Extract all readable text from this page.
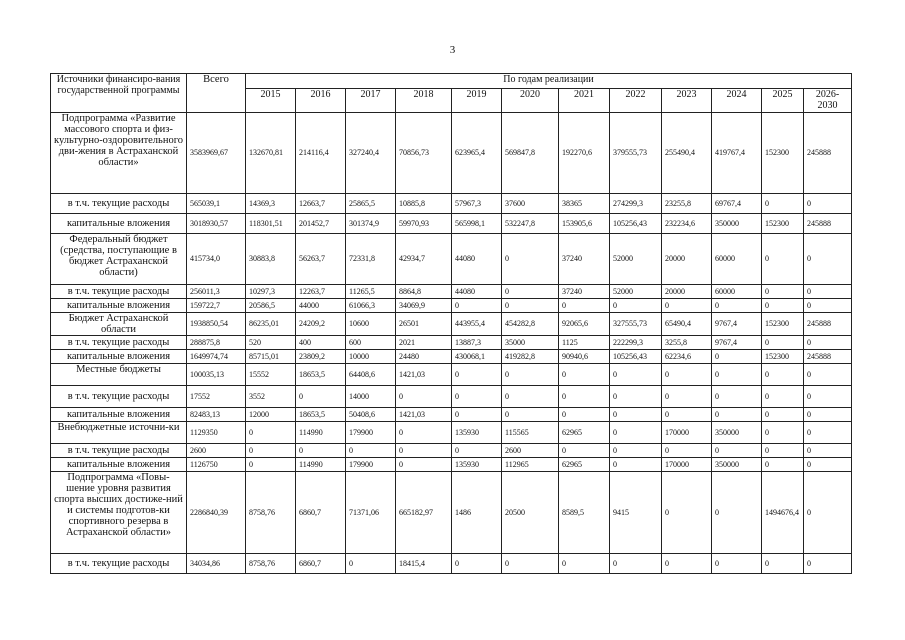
3
Источники финансиро-вания государственной программы	Всего	По годам реализации											
		2015	2016	2017	2018	2019	2020	2021	2022	2023	2024	2025	2026-2030
Подпрограмма «Развитие массового спорта и физ-культурно-оздоровительного дви-жения в Астраханской области»	3583969,67	132670,81	214116,4	327240,4	70856,73	623965,4	569847,8	192270,6	379555,73	255490,4	419767,4	152300	245888
в т.ч. текущие расходы	565039,1	14369,3	12663,7	25865,5	10885,8	57967,3	37600	38365	274299,3	23255,8	69767,4	0	0
капитальные вложения	3018930,57	118301,51	201452,7	301374,9	59970,93	565998,1	532247,8	153905,6	105256,43	232234,6	350000	152300	245888
Федеральный бюджет (средства, поступающие в бюджет Астраханской области)	415734,0	30883,8	56263,7	72331,8	42934,7	44080	0	37240	52000	20000	60000	0	0
в т.ч. текущие расходы	256011,3	10297,3	12263,7	11265,5	8864,8	44080	0	37240	52000	20000	60000	0	0
капитальные вложения	159722,7	20586,5	44000	61066,3	34069,9	0	0	0	0	0	0	0	0
Бюджет Астраханской области	1938850,54	86235,01	24209,2	10600	26501	443955,4	454282,8	92065,6	327555,73	65490,4	9767,4	152300	245888
в т.ч. текущие расходы	288875,8	520	400	600	2021	13887,3	35000	1125	222299,3	3255,8	9767,4	0	0
капитальные вложения	1649974,74	85715,01	23809,2	10000	24480	430068,1	419282,8	90940,6	105256,43	62234,6	0	152300	245888
Местные бюджеты	100035,13	15552	18653,5	64408,6	1421,03	0	0	0	0	0	0	0	0
в т.ч. текущие расходы	17552	3552	0	14000	0	0	0	0	0	0	0	0	0
капитальные вложения	82483,13	12000	18653,5	50408,6	1421,03	0	0	0	0	0	0	0	0
Внебюджетные источни-ки	1129350	0	114990	179900	0	135930	115565	62965	0	170000	350000	0	0
в т.ч. текущие расходы	2600	0	0	0	0	0	2600	0	0	0	0	0	0
капитальные вложения	1126750	0	114990	179900	0	135930	112965	62965	0	170000	350000	0	0
Подпрограмма «Повы-шение уровня развития спорта высших достиже-ний и системы подготов-ки спортивного резерва в Астраханской области»	2286840,39	8758,76	6860,7	71371,06	665182,97	1486	20500	8589,5	9415	0	0	1494676,4	0
в т.ч. текущие расходы	34034,86	8758,76	6860,7	0	18415,4	0	0	0	0	0	0	0	0
